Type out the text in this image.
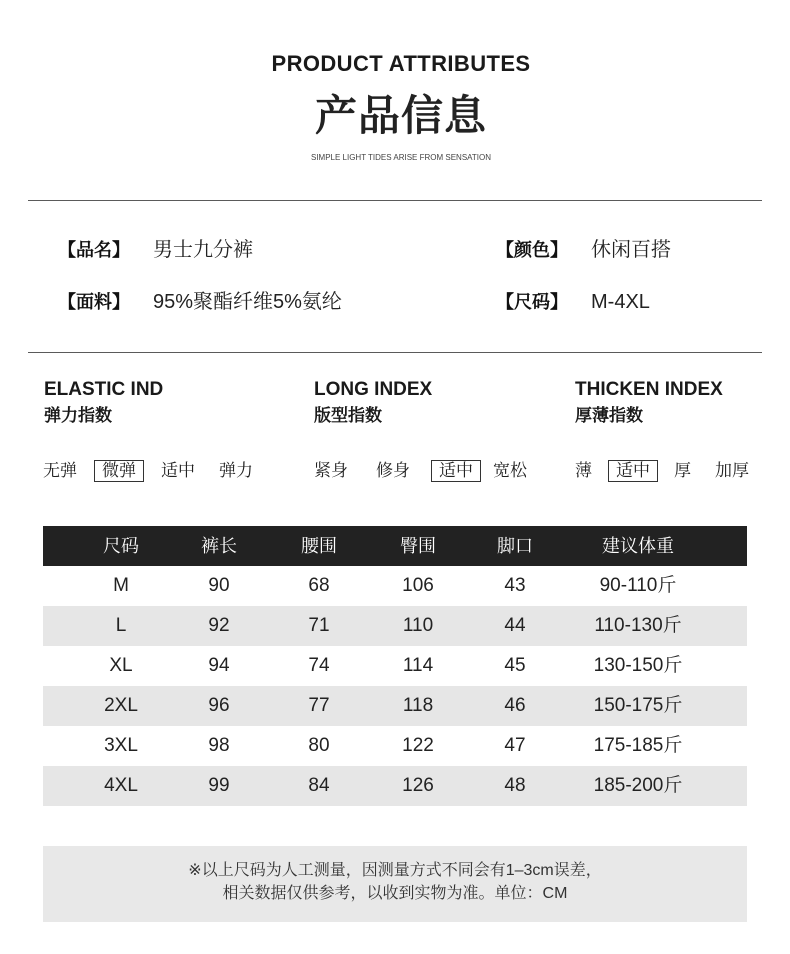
PRODUCT ATTRIBUTES
产品信息
SIMPLE LIGHT TIDES ARISE FROM SENSATION
【品名】 男士九分裤	【颜色】 休闲百搭
【面料】 95%聚酯纤维5%氨纶	【尺码】 M-4XL
ELASTIC IND
弹力指数
无弹	微弹	适中	弹力
LONG INDEX
版型指数
紧身	修身	适中	宽松
THICKEN INDEX
厚薄指数
薄	适中	厚	加厚
尺码	裤长	腰围	臀围	脚口	建议体重
M	90	68	106	43	90-110斤
L	92	71	110	44	110-130斤
XL	94	74	114	45	130-150斤
2XL	96	77	118	46	150-175斤
3XL	98	80	122	47	175-185斤
4XL	99	84	126	48	185-200斤
※以上尺码为人工测量，因测量方式不同会有1–3cm误差，
相关数据仅供参考，以收到实物为准。单位：CM
